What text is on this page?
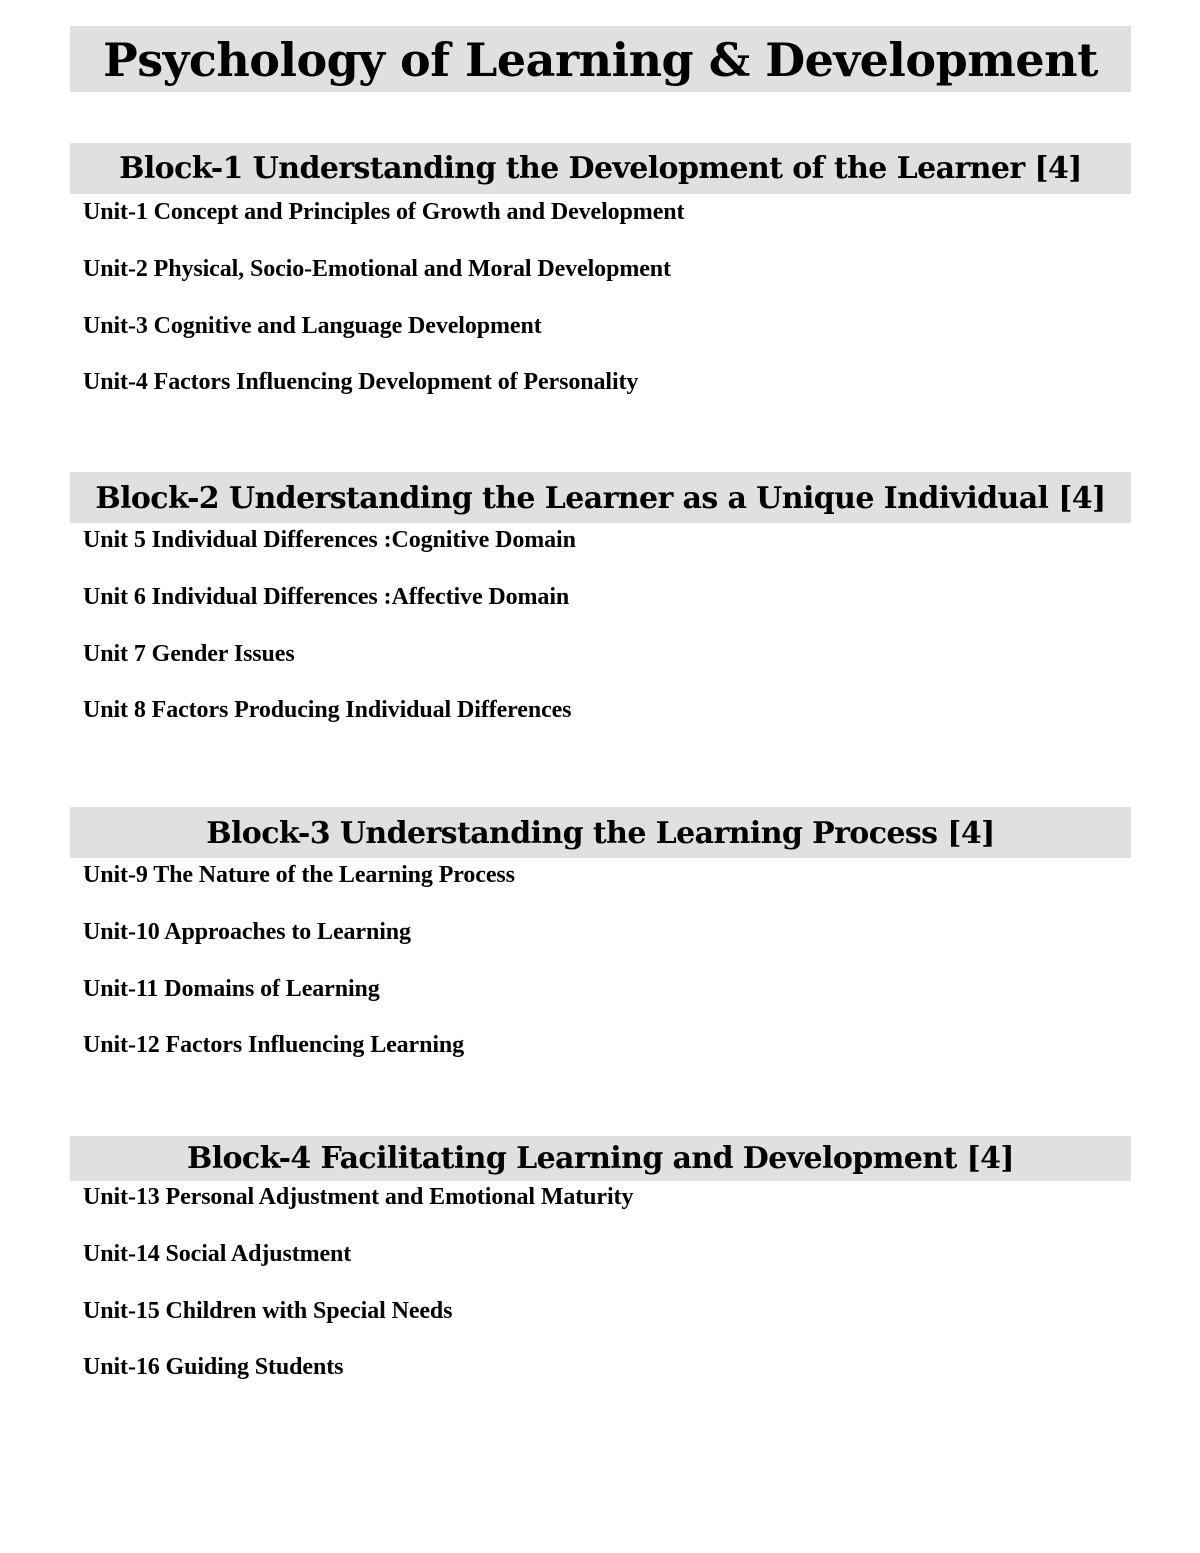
Psychology of Learning & Development
Block-1 Understanding the Development of the Learner [4]
Unit-1 Concept and Principles of Growth and Development
Unit-2 Physical, Socio-Emotional and Moral Development
Unit-3 Cognitive and Language Development
Unit-4 Factors Influencing Development of Personality
Block-2 Understanding the Learner as a Unique Individual [4]
Unit 5 Individual Differences :Cognitive Domain
Unit 6 Individual Differences :Affective Domain
Unit 7 Gender Issues
Unit 8 Factors Producing Individual Differences
Block-3 Understanding the Learning Process [4]
Unit-9 The Nature of the Learning Process
Unit-10 Approaches to Learning
Unit-11 Domains of Learning
Unit-12 Factors Influencing Learning
Block-4 Facilitating Learning and Development [4]
Unit-13 Personal Adjustment and Emotional Maturity
Unit-14 Social Adjustment
Unit-15 Children with Special Needs
Unit-16 Guiding Students
